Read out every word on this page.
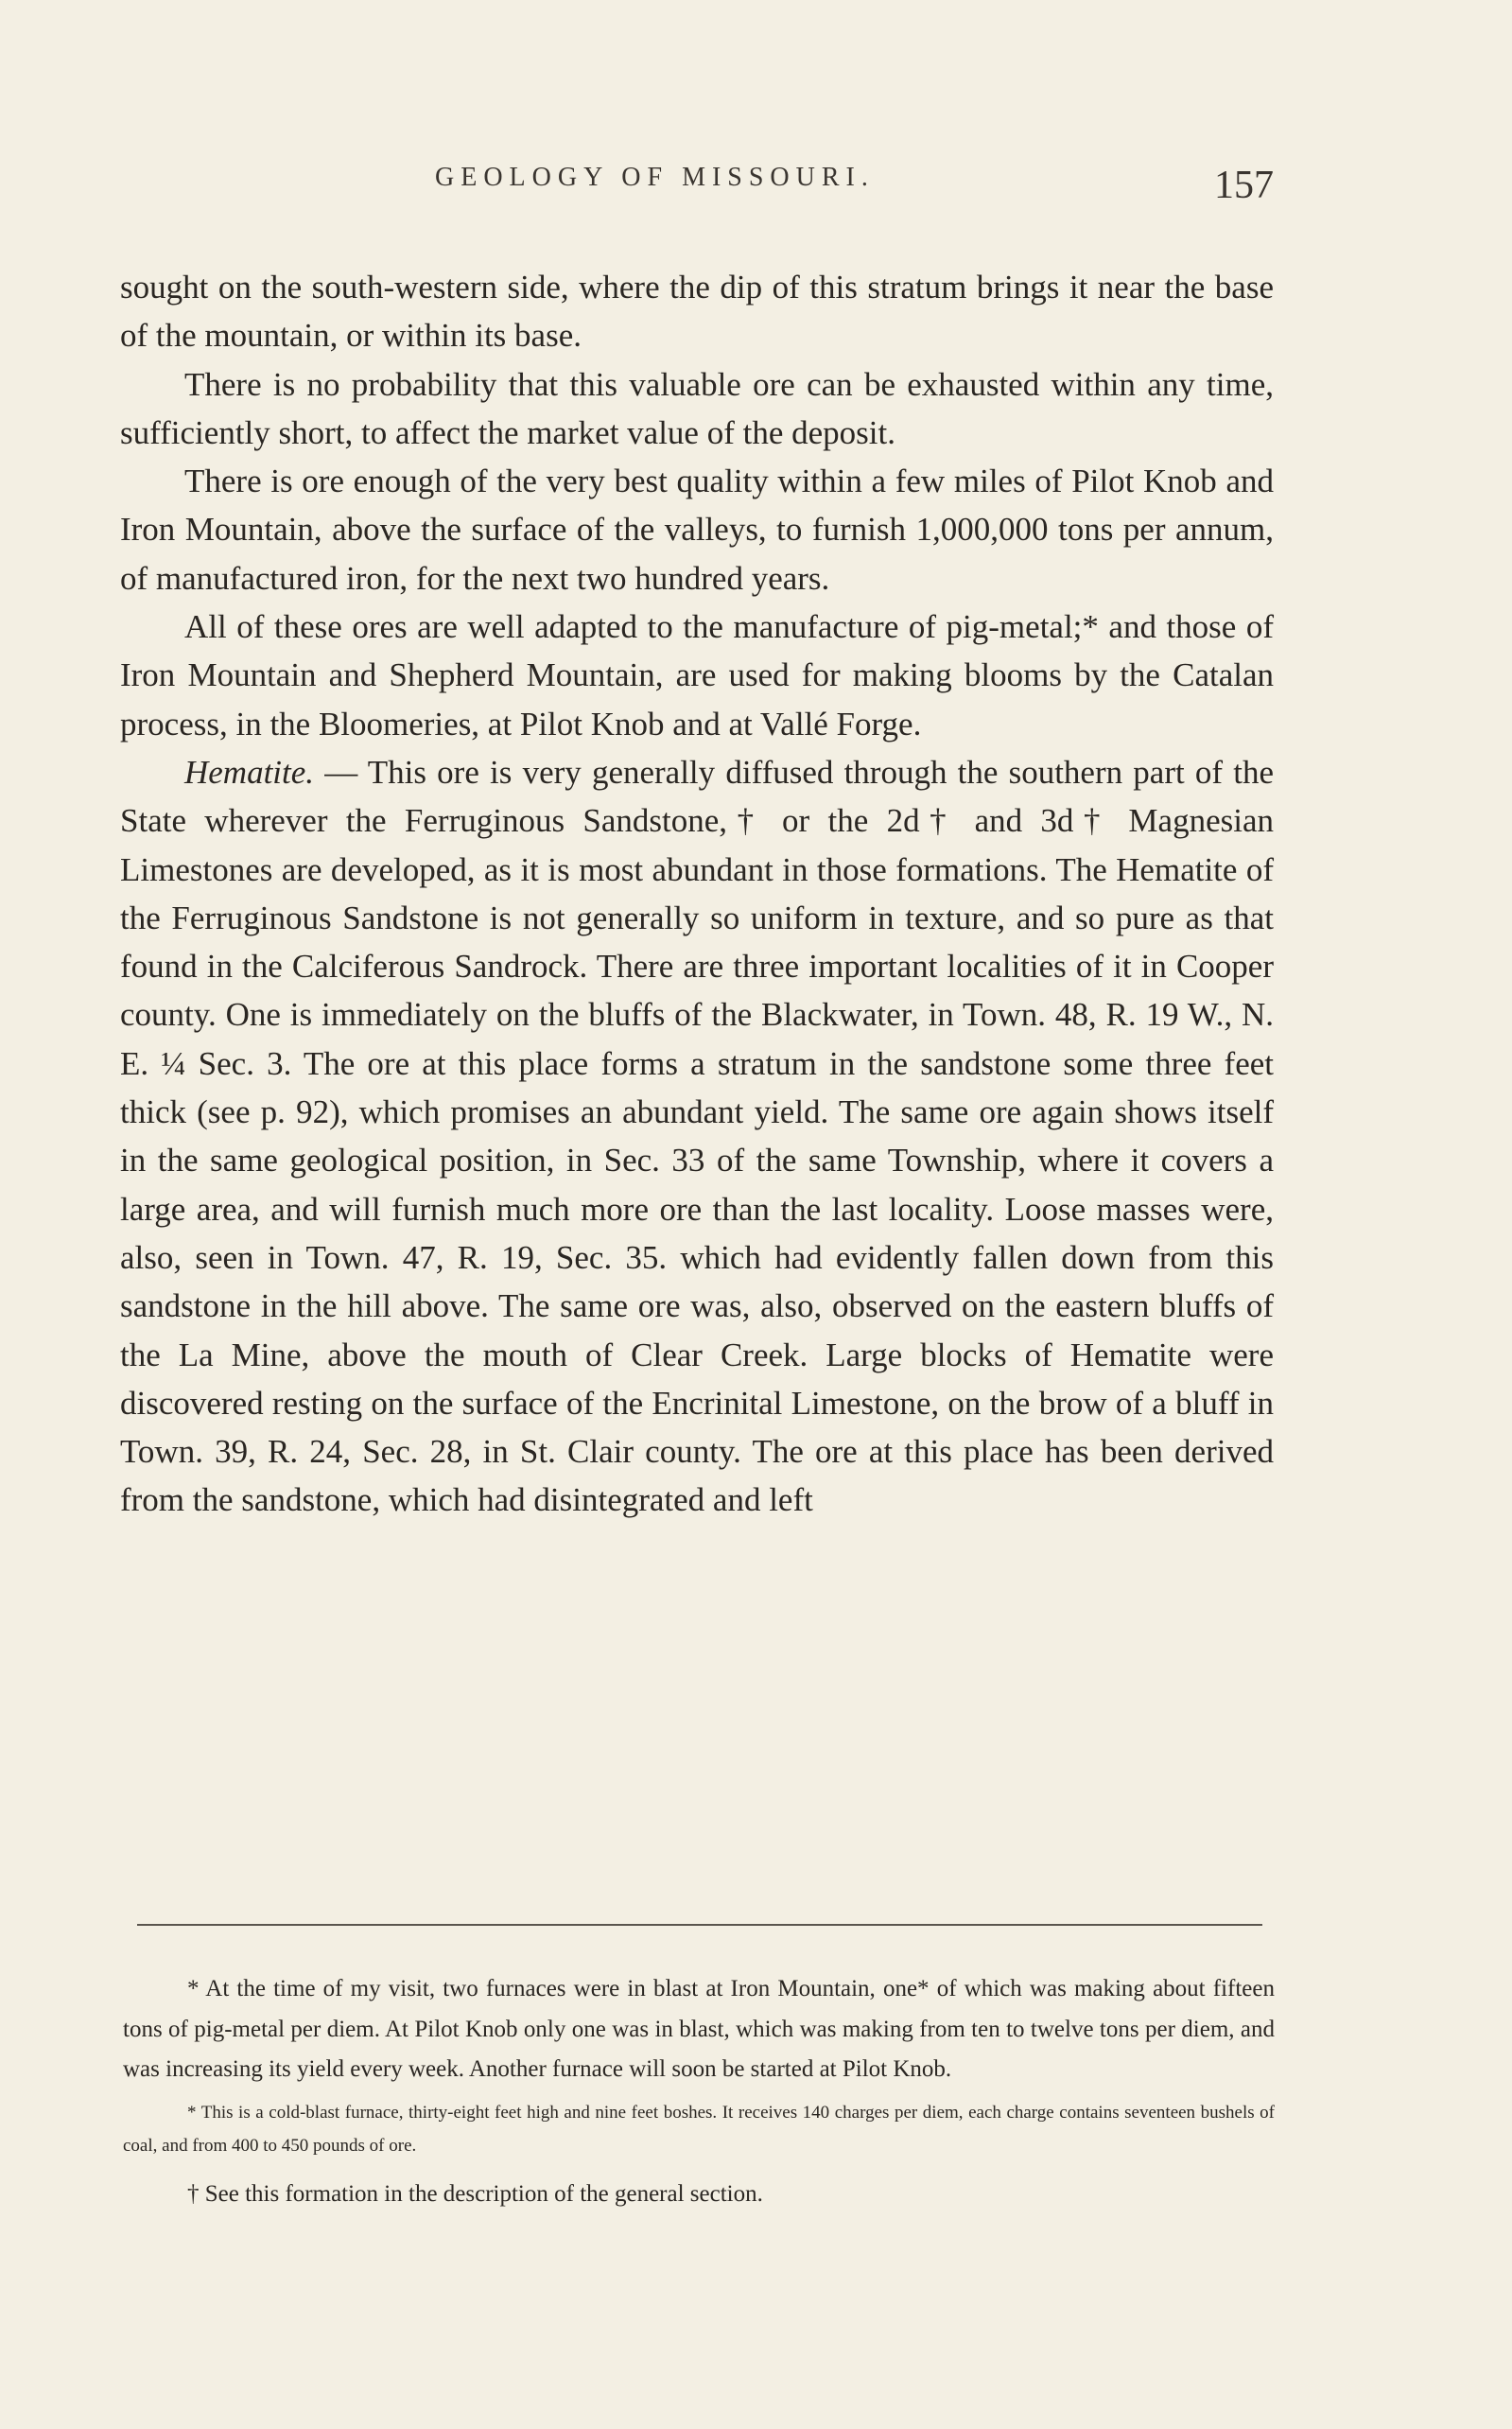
GEOLOGY OF MISSOURI.	157

sought on the south-western side, where the dip of this stratum brings it near the base of the mountain, or within its base.

There is no probability that this valuable ore can be exhausted within any time, sufficiently short, to affect the market value of the deposit.

There is ore enough of the very best quality within a few miles of Pilot Knob and Iron Mountain, above the surface of the valleys, to furnish 1,000,000 tons per annum, of manufactured iron, for the next two hundred years.

All of these ores are well adapted to the manufacture of pig-metal;* and those of Iron Mountain and Shepherd Mountain, are used for making blooms by the Catalan process, in the Bloomeries, at Pilot Knob and at Vallé Forge.

Hematite. — This ore is very generally diffused through the southern part of the State wherever the Ferruginous Sandstone,† or the 2d† and 3d† Magnesian Limestones are developed, as it is most abundant in those formations. The Hematite of the Ferruginous Sandstone is not generally so uniform in texture, and so pure as that found in the Calciferous Sandrock. There are three important localities of it in Cooper county. One is immediately on the bluffs of the Blackwater, in Town. 48, R. 19 W., N. E. ¼ Sec. 3. The ore at this place forms a stratum in the sandstone some three feet thick (see p. 92), which promises an abundant yield. The same ore again shows itself in the same geological position, in Sec. 33 of the same Township, where it covers a large area, and will furnish much more ore than the last locality. Loose masses were, also, seen in Town. 47, R. 19, Sec. 35. which had evidently fallen down from this sandstone in the hill above. The same ore was, also, observed on the eastern bluffs of the La Mine, above the mouth of Clear Creek. Large blocks of Hematite were discovered resting on the surface of the Encrinital Limestone, on the brow of a bluff in Town. 39, R. 24, Sec. 28, in St. Clair county. The ore at this place has been derived from the sandstone, which had disintegrated and left

* At the time of my visit, two furnaces were in blast at Iron Mountain, one* of which was making about fifteen tons of pig-metal per diem. At Pilot Knob only one was in blast, which was making from ten to twelve tons per diem, and was increasing its yield every week. Another furnace will soon be started at Pilot Knob.

* This is a cold-blast furnace, thirty-eight feet high and nine feet boshes. It receives 140 charges per diem, each charge contains seventeen bushels of coal, and from 400 to 450 pounds of ore.

† See this formation in the description of the general section.
